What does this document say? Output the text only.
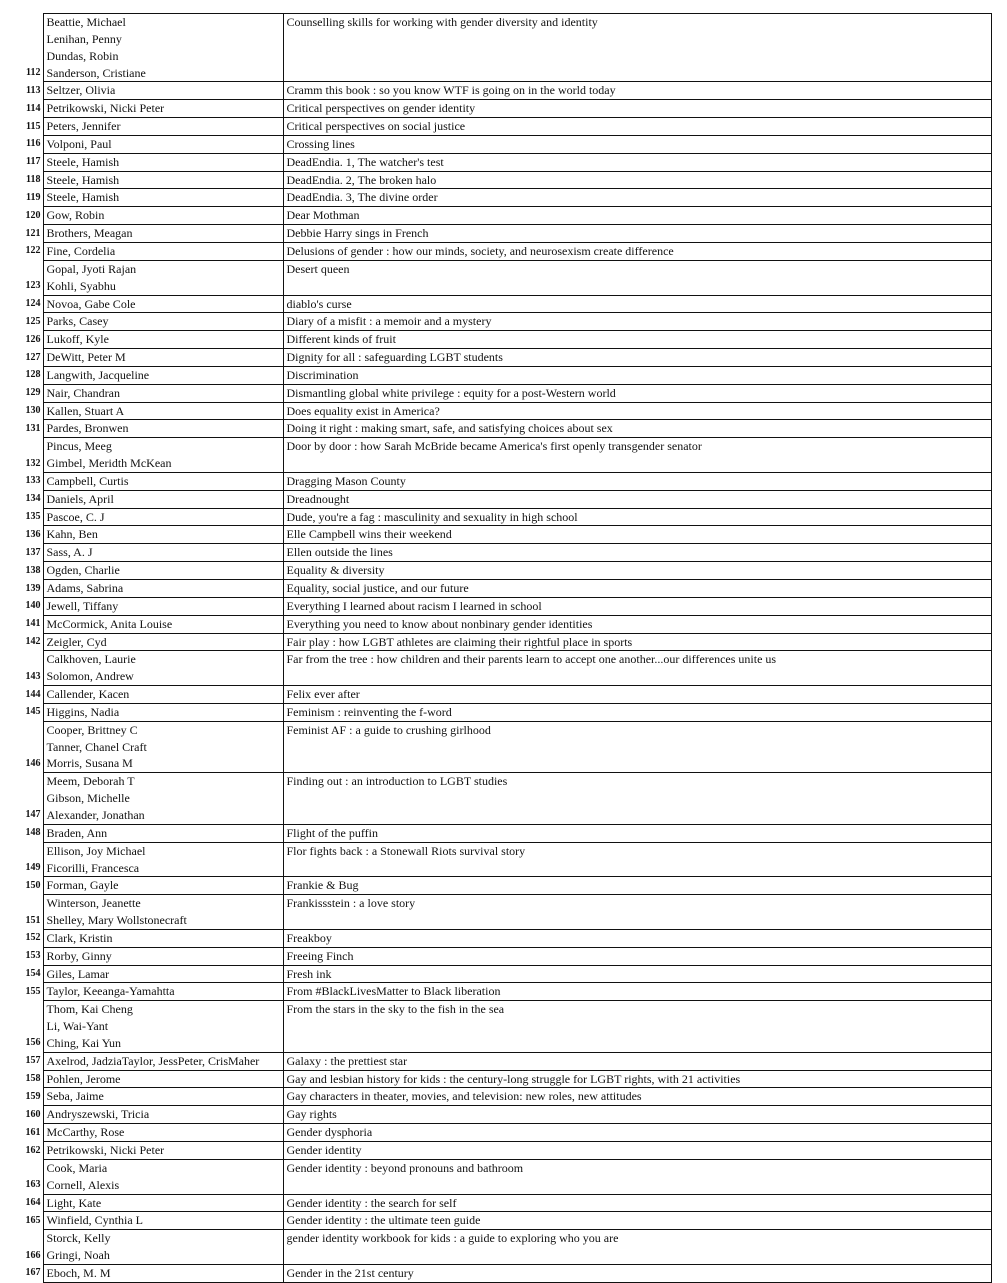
112	Beattie, Michael
Lenihan, Penny
Dundas, Robin
Sanderson, Cristiane	Counselling skills for working with gender diversity and identity
113	Seltzer, Olivia	Cramm this book : so you know WTF is going on in the world today
114	Petrikowski, Nicki Peter	Critical perspectives on gender identity
115	Peters, Jennifer	Critical perspectives on social justice
116	Volponi, Paul	Crossing lines
117	Steele, Hamish	DeadEndia. 1, The watcher's test
118	Steele, Hamish	DeadEndia. 2, The broken halo
119	Steele, Hamish	DeadEndia. 3, The divine order
120	Gow, Robin	Dear Mothman
121	Brothers, Meagan	Debbie Harry sings in French
122	Fine, Cordelia	Delusions of gender : how our minds, society, and neurosexism create difference
123	Gopal, Jyoti Rajan
Kohli, Syabhu	Desert queen
124	Novoa, Gabe Cole	diablo's curse
125	Parks, Casey	Diary of a misfit : a memoir and a mystery
126	Lukoff, Kyle	Different kinds of fruit
127	DeWitt, Peter M	Dignity for all : safeguarding LGBT students
128	Langwith, Jacqueline	Discrimination
129	Nair, Chandran	Dismantling global white privilege : equity for a post-Western world
130	Kallen, Stuart A	Does equality exist in America?
131	Pardes, Bronwen	Doing it right : making smart, safe, and satisfying choices about sex
132	Pincus, Meeg
Gimbel, Meridth McKean	Door by door : how Sarah McBride became America's first openly transgender senator
133	Campbell, Curtis	Dragging Mason County
134	Daniels, April	Dreadnought
135	Pascoe, C. J	Dude, you're a fag : masculinity and sexuality in high school
136	Kahn, Ben	Elle Campbell wins their weekend
137	Sass, A. J	Ellen outside the lines
138	Ogden, Charlie	Equality & diversity
139	Adams, Sabrina	Equality, social justice, and our future
140	Jewell, Tiffany	Everything I learned about racism I learned in school
141	McCormick, Anita Louise	Everything you need to know about nonbinary gender identities
142	Zeigler, Cyd	Fair play : how LGBT athletes are claiming their rightful place in sports
143	Calkhoven, Laurie
Solomon, Andrew	Far from the tree : how children and their parents learn to accept one another...our differences unite us
144	Callender, Kacen	Felix ever after
145	Higgins, Nadia	Feminism : reinventing the f-word
146	Cooper, Brittney C
Tanner, Chanel Craft
Morris, Susana M	Feminist AF : a guide to crushing girlhood
147	Meem, Deborah T
Gibson, Michelle
Alexander, Jonathan	Finding out : an introduction to LGBT studies
148	Braden, Ann	Flight of the puffin
149	Ellison, Joy Michael
Ficorilli, Francesca	Flor fights back : a Stonewall Riots survival story
150	Forman, Gayle	Frankie & Bug
151	Winterson, Jeanette
Shelley, Mary Wollstonecraft	Frankissstein : a love story
152	Clark, Kristin	Freakboy
153	Rorby, Ginny	Freeing Finch
154	Giles, Lamar	Fresh ink
155	Taylor, Keeanga-Yamahtta	From #BlackLivesMatter to Black liberation
156	Thom, Kai Cheng
Li, Wai-Yant
Ching, Kai Yun	From the stars in the sky to the fish in the sea
157	Axelrod, JadziaTaylor, JessPeter, CrisMaher	Galaxy : the prettiest star
158	Pohlen, Jerome	Gay and lesbian history for kids : the century-long struggle for LGBT rights, with 21 activities
159	Seba, Jaime	Gay characters in theater, movies, and television: new roles, new attitudes
160	Andryszewski, Tricia	Gay rights
161	McCarthy, Rose	Gender dysphoria
162	Petrikowski, Nicki Peter	Gender identity
163	Cook, Maria
Cornell, Alexis	Gender identity : beyond pronouns and bathroom
164	Light, Kate	Gender identity : the search for self
165	Winfield, Cynthia L	Gender identity : the ultimate teen guide
166	Storck, Kelly
Gringi, Noah	gender identity workbook for kids : a guide to exploring who you are
167	Eboch, M. M	Gender in the 21st century
